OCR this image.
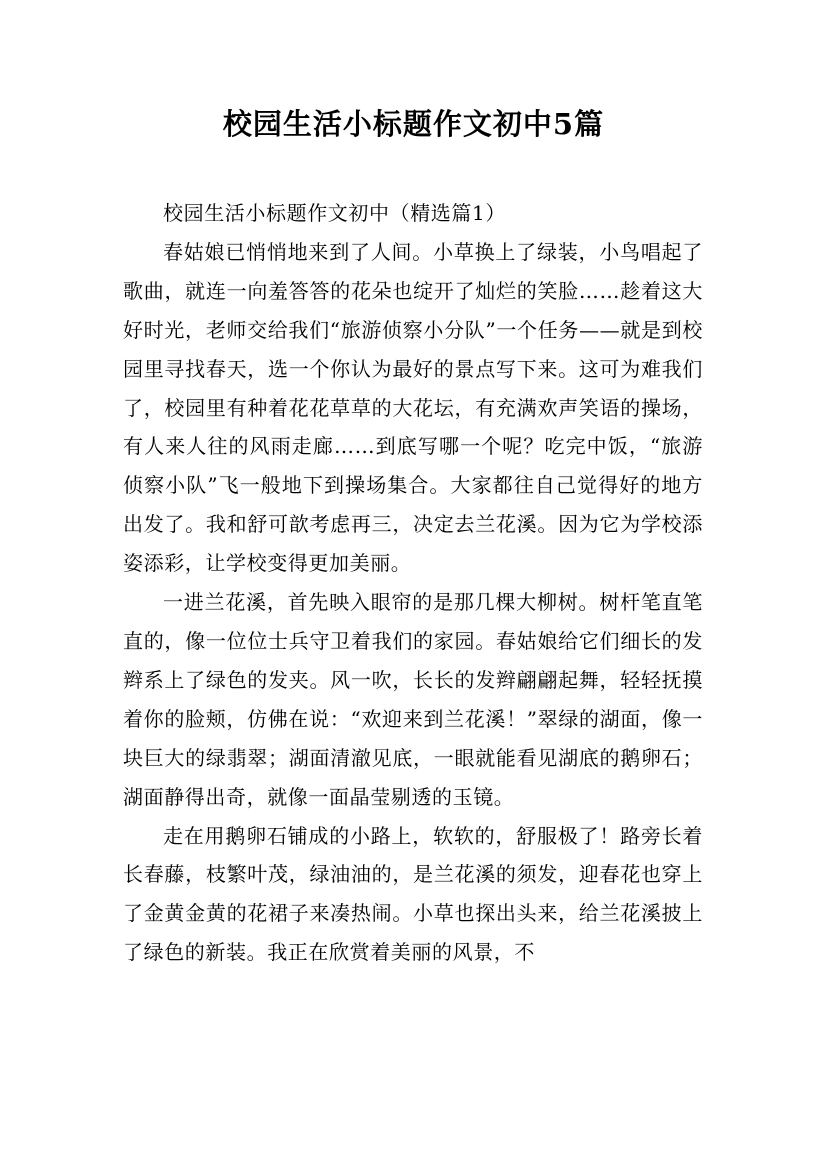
校园生活小标题作文初中5篇

校园生活小标题作文初中（精选篇1）

春姑娘已悄悄地来到了人间。小草换上了绿装，小鸟唱起了歌曲，就连一向羞答答的花朵也绽开了灿烂的笑脸……趁着这大好时光，老师交给我们“旅游侦察小分队”一个任务——就是到校园里寻找春天，选一个你认为最好的景点写下来。这可为难我们了，校园里有种着花花草草的大花坛，有充满欢声笑语的操场，有人来人往的风雨走廊……到底写哪一个呢？吃完中饭，“旅游侦察小队”飞一般地下到操场集合。大家都往自己觉得好的地方出发了。我和舒可歆考虑再三，决定去兰花溪。因为它为学校添姿添彩，让学校变得更加美丽。

一进兰花溪，首先映入眼帘的是那几棵大柳树。树杆笔直笔直的，像一位位士兵守卫着我们的家园。春姑娘给它们细长的发辫系上了绿色的发夹。风一吹，长长的发辫翩翩起舞，轻轻抚摸着你的脸颊，仿佛在说：“欢迎来到兰花溪！”翠绿的湖面，像一块巨大的绿翡翠；湖面清澈见底，一眼就能看见湖底的鹅卵石；湖面静得出奇，就像一面晶莹剔透的玉镜。

走在用鹅卵石铺成的小路上，软软的，舒服极了！路旁长着长春藤，枝繁叶茂，绿油油的，是兰花溪的须发，迎春花也穿上了金黄金黄的花裙子来凑热闹。小草也探出头来，给兰花溪披上了绿色的新装。我正在欣赏着美丽的风景，不
